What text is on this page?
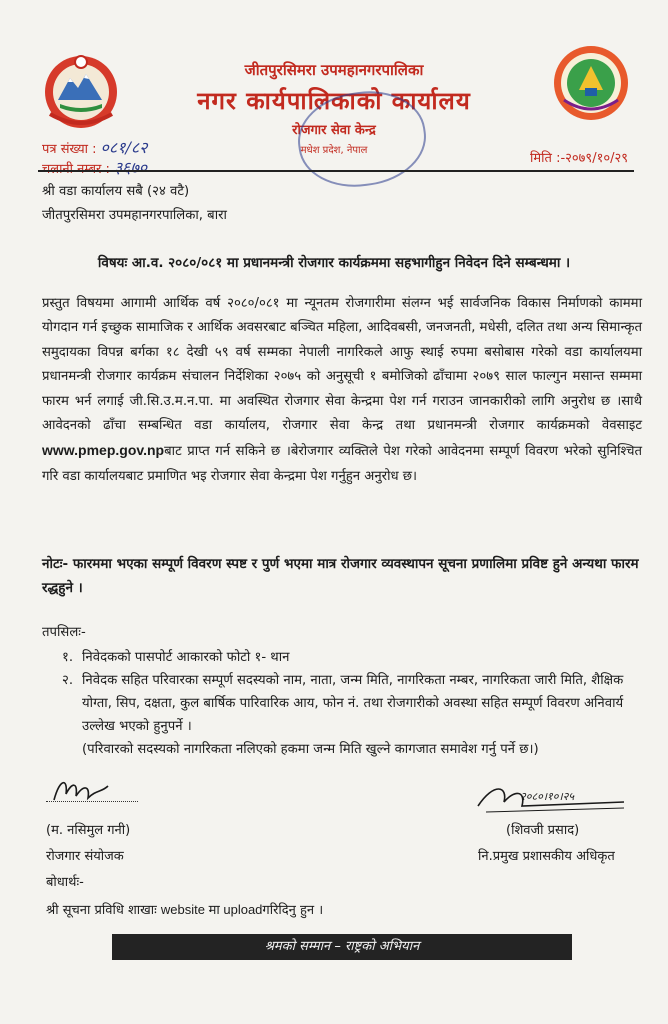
जीतपुरसिमरा उपमहानगरपालिका
नगर कार्यपालिकाको कार्यालय
रोजगार सेवा केन्द्र
मधेश प्रदेश, नेपाल
पत्र संख्या : ०८१/८२
चलानी नम्बर : ३६७०	मिति :-२०७९/१०/२९
श्री वडा कार्यालय सबै (२४ वटै)
जीतपुरसिमरा उपमहानगरपालिका, बारा
विषयः आ.व. २०८०/०८१ मा प्रधानमन्त्री रोजगार कार्यक्रममा सहभागीहुन निवेदन दिने सम्बन्धमा ।
प्रस्तुत विषयमा आगामी आर्थिक वर्ष २०८०/०८१ मा न्यूनतम रोजगारीमा संलग्न भई सार्वजनिक विकास निर्माणको काममा योगदान गर्न इच्छुक सामाजिक र आर्थिक अवसरबाट बञ्चित महिला, आदिवबसी, जनजनती, मधेसी, दलित तथा अन्य सिमान्कृत समुदायका विपन्न बर्गका १८ देखी ५९ वर्ष सम्मका नेपाली नागरिकले आफु स्थाई रुपमा बसोबास गरेको वडा कार्यालयमा प्रधानमन्त्री रोजगार कार्यक्रम संचालन निर्देशिका २०७५ को अनुसूची १ बमोजिको ढाँचामा २०७९ साल फाल्गुन मसान्त सम्ममा फारम भर्न लगाई जी.सि.उ.म.न.पा. मा अवस्थित रोजगार सेवा केन्द्रमा पेश गर्न गराउन जानकारीको लागि अनुरोध छ ।साथै आवेदनको ढाँचा सम्बन्धित वडा कार्यालय, रोजगार सेवा केन्द्र तथा प्रधानमन्त्री रोजगार कार्यक्रमको वेवसाइट www.pmep.gov.npबाट प्राप्त गर्न सकिने छ ।बेरोजगार व्यक्तिले पेश गरेको आवेदनमा सम्पूर्ण विवरण भरेको सुनिश्चित गरि वडा कार्यालयबाट प्रमाणित भइ रोजगार सेवा केन्द्रमा पेश गर्नुहुन अनुरोध छ।
नोटः- फारममा भएका सम्पूर्ण विवरण स्पष्ट र पुर्ण भएमा मात्र रोजगार व्यवस्थापन सूचना प्रणालिमा प्रविष्ट हुने अन्यथा फारम रद्धहुने ।
तपसिलः-
१. निवेदकको पासपोर्ट आकारको फोटो १- थान
२. निवेदक सहित परिवारका सम्पूर्ण सदस्यको नाम, नाता, जन्म मिति, नागरिकता नम्बर, नागरिकता जारी मिति, शैक्षिक योग्ता, सिप, दक्षता, कुल बार्षिक पारिवारिक आय, फोन नं. तथा रोजगारीको अवस्था सहित सम्पूर्ण विवरण अनिवार्य उल्लेख भएको हुनुपर्ने ।
(परिवारको सदस्यको नागरिकता नलिएको हकमा जन्म मिति खुल्ने कागजात समावेश गर्नु पर्ने छ।)
२०८०।१०।२५
(म. नसिमुल गनी)
रोजगार संयोजक
(शिवजी प्रसाद)
नि.प्रमुख प्रशासकीय अधिकृत
बोधार्थः-
श्री सूचना प्रविधि शाखाः website मा uploadगरिदिनु हुन ।
श्रमको सम्मान – राष्ट्रको अभियान
